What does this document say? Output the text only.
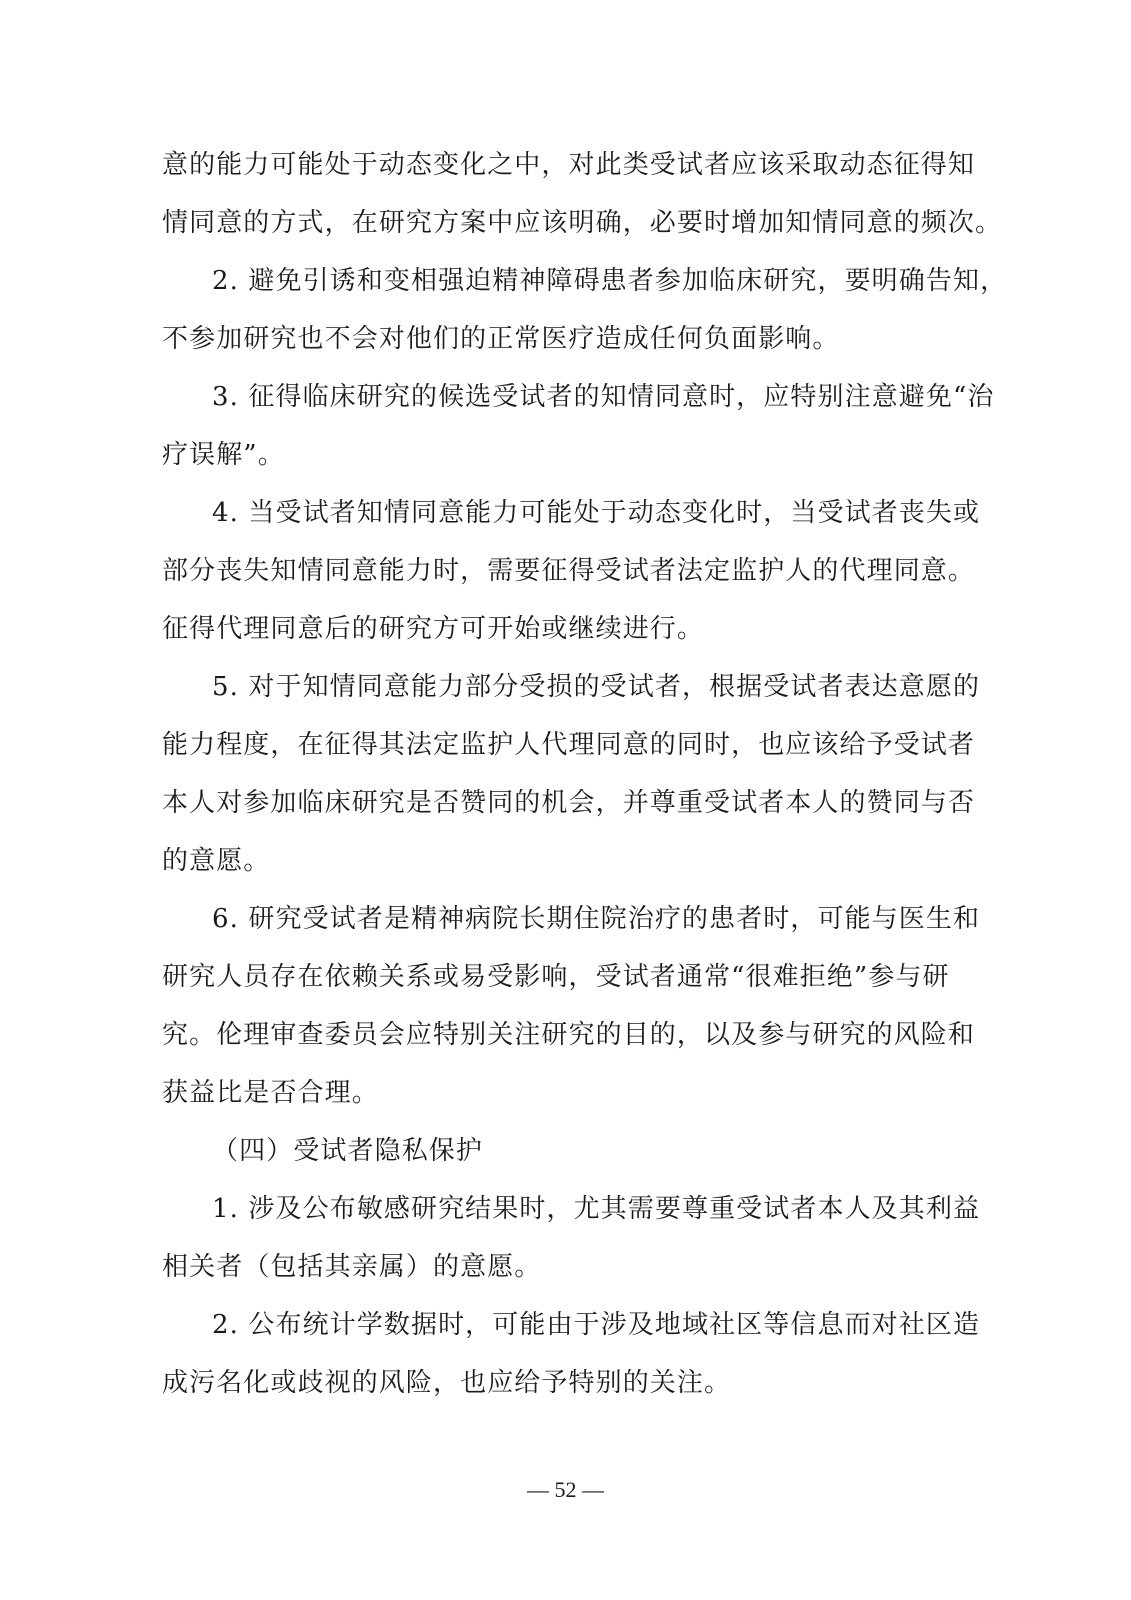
意的能力可能处于动态变化之中，对此类受试者应该采取动态征得知
情同意的方式，在研究方案中应该明确，必要时增加知情同意的频次。
2. 避免引诱和变相强迫精神障碍患者参加临床研究，要明确告知，
不参加研究也不会对他们的正常医疗造成任何负面影响。
3. 征得临床研究的候选受试者的知情同意时，应特别注意避免“治
疗误解”。
4. 当受试者知情同意能力可能处于动态变化时，当受试者丧失或
部分丧失知情同意能力时，需要征得受试者法定监护人的代理同意。
征得代理同意后的研究方可开始或继续进行。
5. 对于知情同意能力部分受损的受试者，根据受试者表达意愿的
能力程度，在征得其法定监护人代理同意的同时，也应该给予受试者
本人对参加临床研究是否赞同的机会，并尊重受试者本人的赞同与否
的意愿。
6. 研究受试者是精神病院长期住院治疗的患者时，可能与医生和
研究人员存在依赖关系或易受影响，受试者通常“很难拒绝”参与研
究。伦理审查委员会应特别关注研究的目的，以及参与研究的风险和
获益比是否合理。
（四）受试者隐私保护
1. 涉及公布敏感研究结果时，尤其需要尊重受试者本人及其利益
相关者（包括其亲属）的意愿。
2. 公布统计学数据时，可能由于涉及地域社区等信息而对社区造
成污名化或歧视的风险，也应给予特别的关注。
— 52 —
